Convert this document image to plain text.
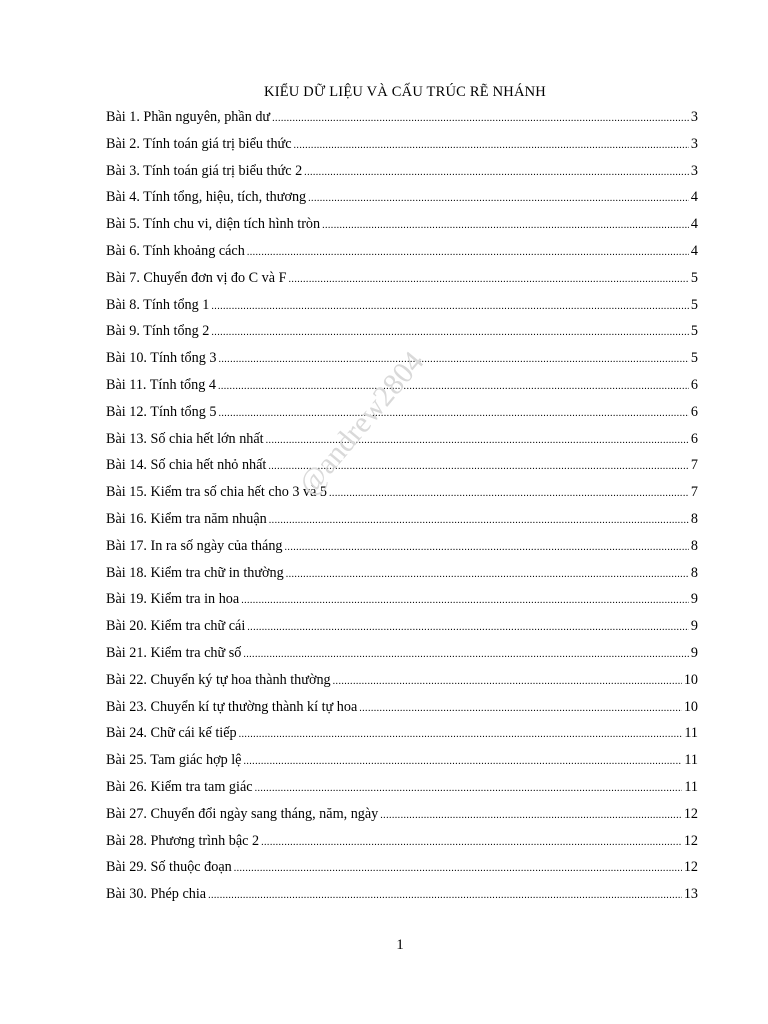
KIỂU DỮ LIỆU VÀ CẤU TRÚC RẼ NHÁNH
Bài 1. Phần nguyên, phần dư .....	3
Bài 2. Tính toán giá trị biểu thức .....	3
Bài 3. Tính toán giá trị biểu thức 2 .....	3
Bài 4. Tính tổng, hiệu, tích, thương .....	4
Bài 5. Tính chu vi, diện tích hình tròn .....	4
Bài 6. Tính khoảng cách .....	4
Bài 7. Chuyển đơn vị đo C và F .....	5
Bài 8. Tính tổng 1 .....	5
Bài 9. Tính tổng 2 .....	5
Bài 10. Tính tổng 3 .....	5
Bài 11. Tính tổng 4 .....	6
Bài 12. Tính tổng 5 .....	6
Bài 13. Số chia hết lớn nhất .....	6
Bài 14. Số chia hết nhỏ nhất .....	7
Bài 15. Kiểm tra số chia hết cho 3 và 5 .....	7
Bài 16. Kiểm tra năm nhuận .....	8
Bài 17. In ra số ngày của tháng .....	8
Bài 18. Kiểm tra chữ in thường .....	8
Bài 19. Kiểm tra in hoa .....	9
Bài 20. Kiểm tra chữ cái .....	9
Bài 21. Kiểm tra chữ số .....	9
Bài 22. Chuyển ký tự hoa thành thường .....	10
Bài 23. Chuyển kí tự thường thành kí tự hoa .....	10
Bài 24. Chữ cái kế tiếp .....	11
Bài 25. Tam giác hợp lệ .....	11
Bài 26. Kiểm tra tam giác .....	11
Bài 27. Chuyển đổi ngày sang tháng, năm, ngày .....	12
Bài 28. Phương trình bậc 2 .....	12
Bài 29. Số thuộc đoạn .....	12
Bài 30. Phép chia .....	13
@andrew2804
1
